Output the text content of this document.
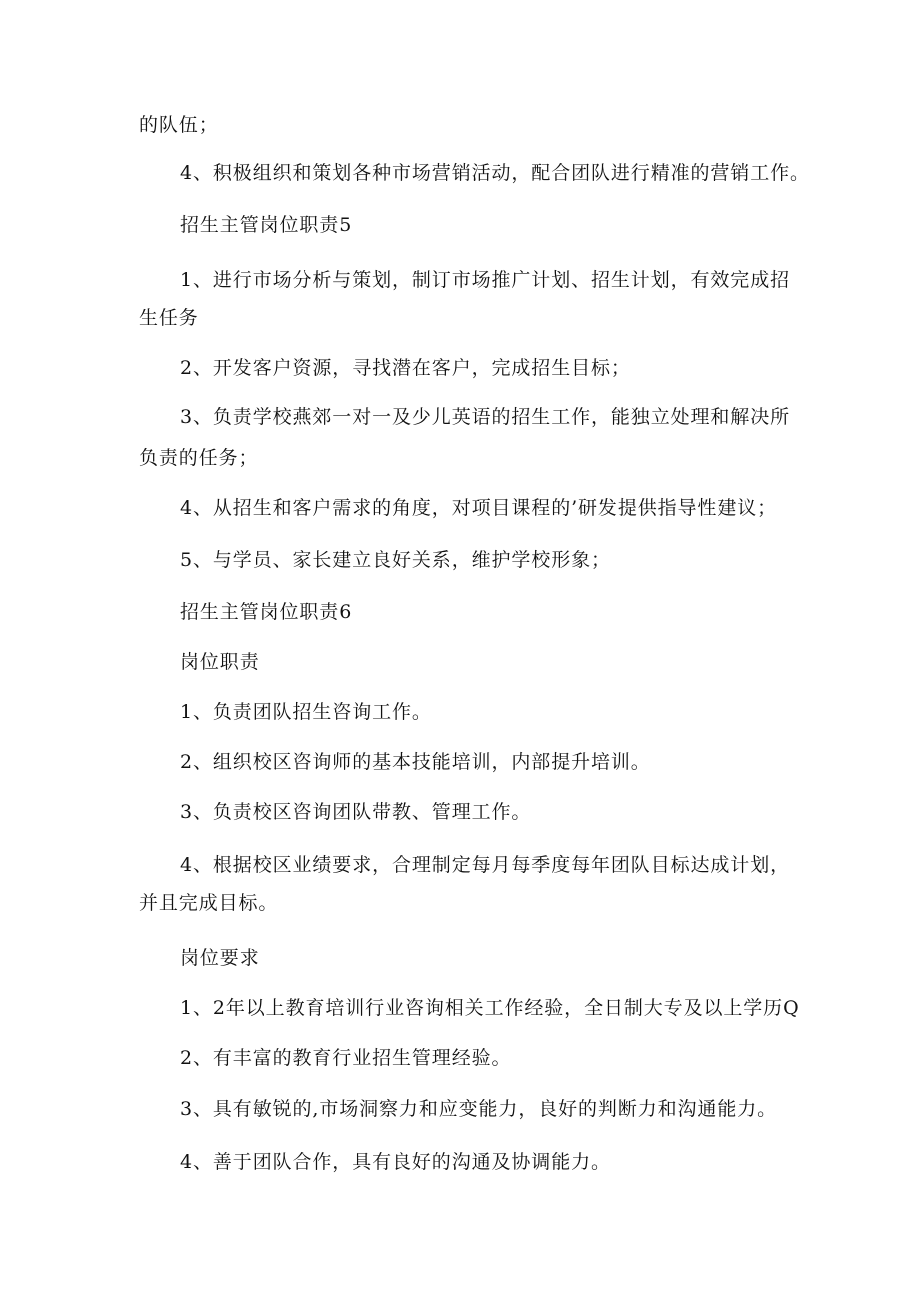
的队伍；
4、积极组织和策划各种市场营销活动，配合团队进行精准的营销工作。
招生主管岗位职责5
1、进行市场分析与策划，制订市场推广计划、招生计划，有效完成招
生任务
2、开发客户资源，寻找潜在客户，完成招生目标；
3、负责学校燕郊一对一及少儿英语的招生工作，能独立处理和解决所
负责的任务；
4、从招生和客户需求的角度，对项目课程的’研发提供指导性建议；
5、与学员、家长建立良好关系，维护学校形象；
招生主管岗位职责6
岗位职责
1、负责团队招生咨询工作。
2、组织校区咨询师的基本技能培训，内部提升培训。
3、负责校区咨询团队带教、管理工作。
4、根据校区业绩要求，合理制定每月每季度每年团队目标达成计划，
并且完成目标。
岗位要求
1、2年以上教育培训行业咨询相关工作经验，全日制大专及以上学历Q
2、有丰富的教育行业招生管理经验。
3、具有敏锐的,市场洞察力和应变能力，良好的判断力和沟通能力。
4、善于团队合作，具有良好的沟通及协调能力。
